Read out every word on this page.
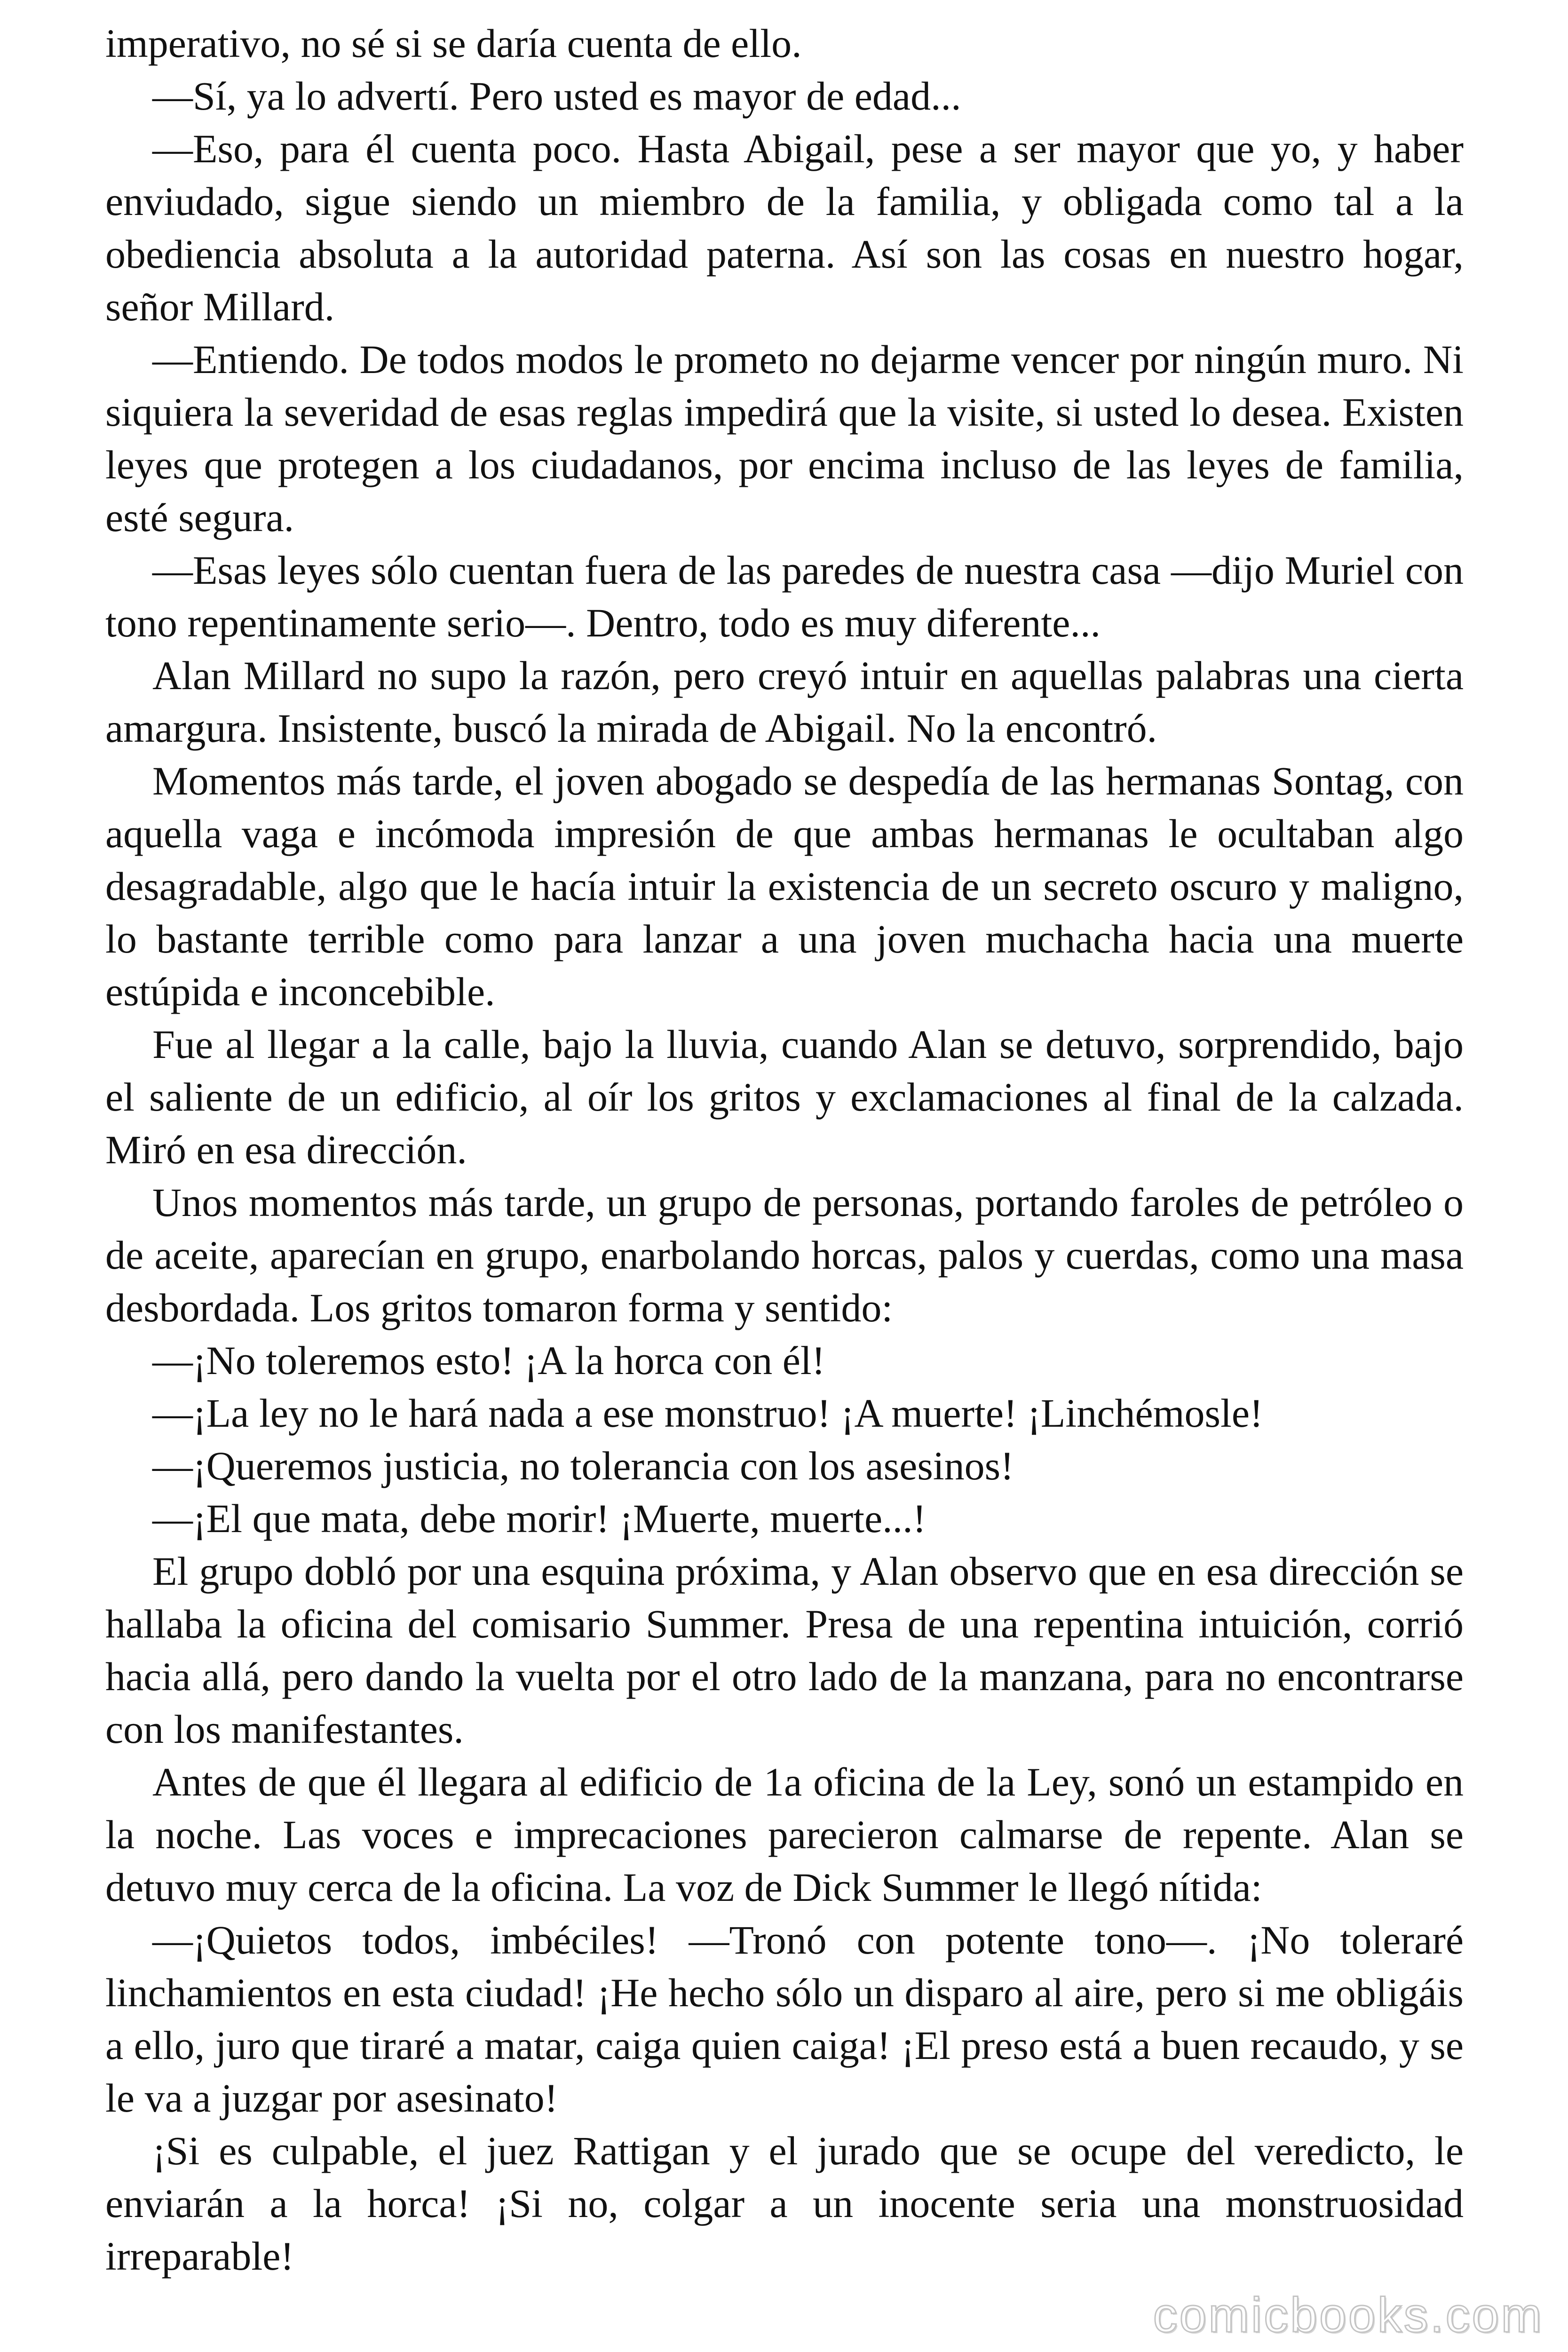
imperativo, no sé si se daría cuenta de ello.

—Sí, ya lo advertí. Pero usted es mayor de edad...

—Eso, para él cuenta poco. Hasta Abigail, pese a ser mayor que yo, y haber enviudado, sigue siendo un miembro de la familia, y obligada como tal a la obediencia absoluta a la autoridad paterna. Así son las cosas en nuestro hogar, señor Millard.

—Entiendo. De todos modos le prometo no dejarme vencer por ningún muro. Ni siquiera la severidad de esas reglas impedirá que la visite, si usted lo desea. Existen leyes que protegen a los ciudadanos, por encima incluso de las leyes de familia, esté segura.

—Esas leyes sólo cuentan fuera de las paredes de nuestra casa —dijo Muriel con tono repentinamente serio—. Dentro, todo es muy diferente...

Alan Millard no supo la razón, pero creyó intuir en aquellas palabras una cierta amargura. Insistente, buscó la mirada de Abigail. No la encontró.

Momentos más tarde, el joven abogado se despedía de las hermanas Sontag, con aquella vaga e incómoda impresión de que ambas hermanas le ocultaban algo desagradable, algo que le hacía intuir la existencia de un secreto oscuro y maligno, lo bastante terrible como para lanzar a una joven muchacha hacia una muerte estúpida e inconcebible.

Fue al llegar a la calle, bajo la lluvia, cuando Alan se detuvo, sorprendido, bajo el saliente de un edificio, al oír los gritos y exclamaciones al final de la calzada. Miró en esa dirección.

Unos momentos más tarde, un grupo de personas, portando faroles de petróleo o de aceite, aparecían en grupo, enarbolando horcas, palos y cuerdas, como una masa desbordada. Los gritos tomaron forma y sentido:

—¡No toleremos esto! ¡A la horca con él!

—¡La ley no le hará nada a ese monstruo! ¡A muerte! ¡Linchémosle!

—¡Queremos justicia, no tolerancia con los asesinos!

—¡El que mata, debe morir! ¡Muerte, muerte...!

El grupo dobló por una esquina próxima, y Alan observo que en esa dirección se hallaba la oficina del comisario Summer. Presa de una repentina intuición, corrió hacia allá, pero dando la vuelta por el otro lado de la manzana, para no encontrarse con los manifestantes.

Antes de que él llegara al edificio de 1a oficina de la Ley, sonó un estampido en la noche. Las voces e imprecaciones parecieron calmarse de repente. Alan se detuvo muy cerca de la oficina. La voz de Dick Summer le llegó nítida:

—¡Quietos todos, imbéciles! —Tronó con potente tono—. ¡No toleraré linchamientos en esta ciudad! ¡He hecho sólo un disparo al aire, pero si me obligáis a ello, juro que tiraré a matar, caiga quien caiga! ¡El preso está a buen recaudo, y se le va a juzgar por asesinato!

¡Si es culpable, el juez Rattigan y el jurado que se ocupe del veredicto, le enviarán a la horca! ¡Si no, colgar a un inocente seria una monstruosidad irreparable!

comicbooks.com
